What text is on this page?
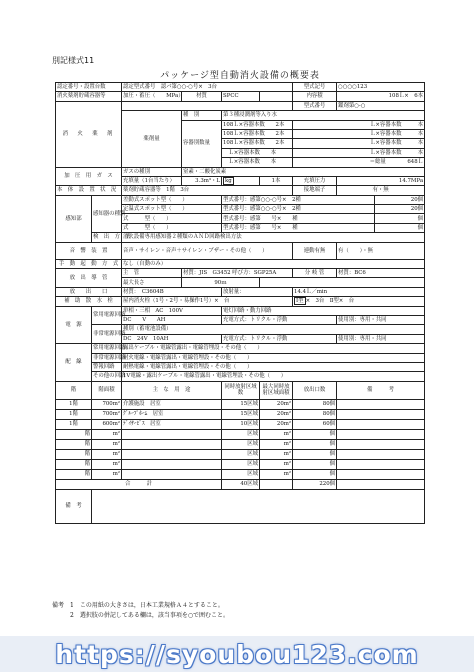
別記様式11
パッケージ型自動消火設備の概要表
認定番号・設置台数		認定型式番号　認パ第○○-○号×　3台				型式記号	○○○○123	
消火薬剤貯蔵容器等		加圧・蓄圧（　　MPa）	材質	SPCC		内容積	108Ｌ×　6本	
消　火　薬　剤						型式番号	鑑剤第○-○	
		薬剤量	種　別	第３種浸潤剤等入り水				
			容器別数量	108Ｌ×容器本数　　2本		Ｌ×容器本数　　　本		
				108Ｌ×容器本数　　2本		Ｌ×容器本数　　　本		
				108Ｌ×容器本数　　2本		Ｌ×容器本数　　　本		
				　Ｌ×容器本数　　本		Ｌ×容器本数　　　本		
				　Ｌ×容器本数　　本		＝総量　　　　648Ｌ		
加　圧　用　ガ　ス		ガスの種別	窒素・二酸化炭素					
		充填量（1台当たり）	3.3m³・L	kg	1本	充填圧力	14.7MPa	
本　体　設　置　状　況		薬剤貯蔵容器等　1階　3台				接地端子	有・無	
感知部	感知器の種別	差動式スポット型（　　）		型式番号：感第○○-○号×　2種				20個
		定温式スポット型（　　）		型式番号：感第○○-○号×　2種				20個
		式　　　型（　　）		型式番号：感第　　号×　　種				個
		式　　　型（　　）		型式番号：感第　　号×　　種				個
	検　出　方　式	消火設備専用感知器２種類のＡＮＤ回路検出方法						
音　響　装　置		音声・サイレン・音声＋サイレン・ブザー・その他（　　）				連動有無	有（　　）・無	
手　動　起　動　方　式		なし（自動のみ）						
放　出　導　管		主　管	材質：JIS　G3452 呼び方：SGP25A			分 岐 管	材質：BC6	
		最大長さ	90ｍ					
放　　出　　口		材質：　C3604B		放射量：		14.4Ｌ／min		
補　助　散　水　栓		屋内消火栓（1号・2号・易操作1号）×　台				Ⅰ型 ×　3台　 Ⅱ型×　 台		
電　源	常用電源回路	単相・三相　AC　100V		電灯回路・動力回路				
		DC　　V　　AH		充電方式：トリクル・浮動			使用別：専用・共同	
	非常電源回路	種別（蓄電池設備）						
		DC　24V　10AH		充電方式：トリクル・浮動			使用別：専用・共同	
配　線	常用電源回路	露出ケーブル・電線管露出・電線管埋設・その他（　　）						
	非常電源回路	耐火電線・電線管露出・電線管埋設・その他（　　）						
	警報回路	耐熱電線・電線管露出・電線管埋設・その他（　　）						
	その他の回路	1V電線・露出ケーブル・電線管露出・電線管埋設・その他（　　）						
階	階面積	主　な　用　途		同時放射区域数	最大同時放射区域面積	放出口数	備　　　考	
1階	700m²	介護施設　居室		15区域	20m²	80個		
1階	700m²	ｸﾞﾙｰﾌﾟﾎｰﾑ　居室		15区域	20m²	80個		
1階	600m²	ﾃﾞｲｻｰﾋﾞｽ　居室		10区域	20m²	60個		
階	m²			区域	m²	個		
階	m²			区域	m²	個		
階	m²			区域	m²	個		
階	m²			区域	m²	個		
階	m²			区域	m²	個		
合　　　計				40区域		220個		
備　考								
備考　1　この用紙の大きさは，日本工業規格Ａ４とすること。
　　　2　選択肢の併記してある欄は，該当事項を○で囲むこと。
https://syoubou123.com
